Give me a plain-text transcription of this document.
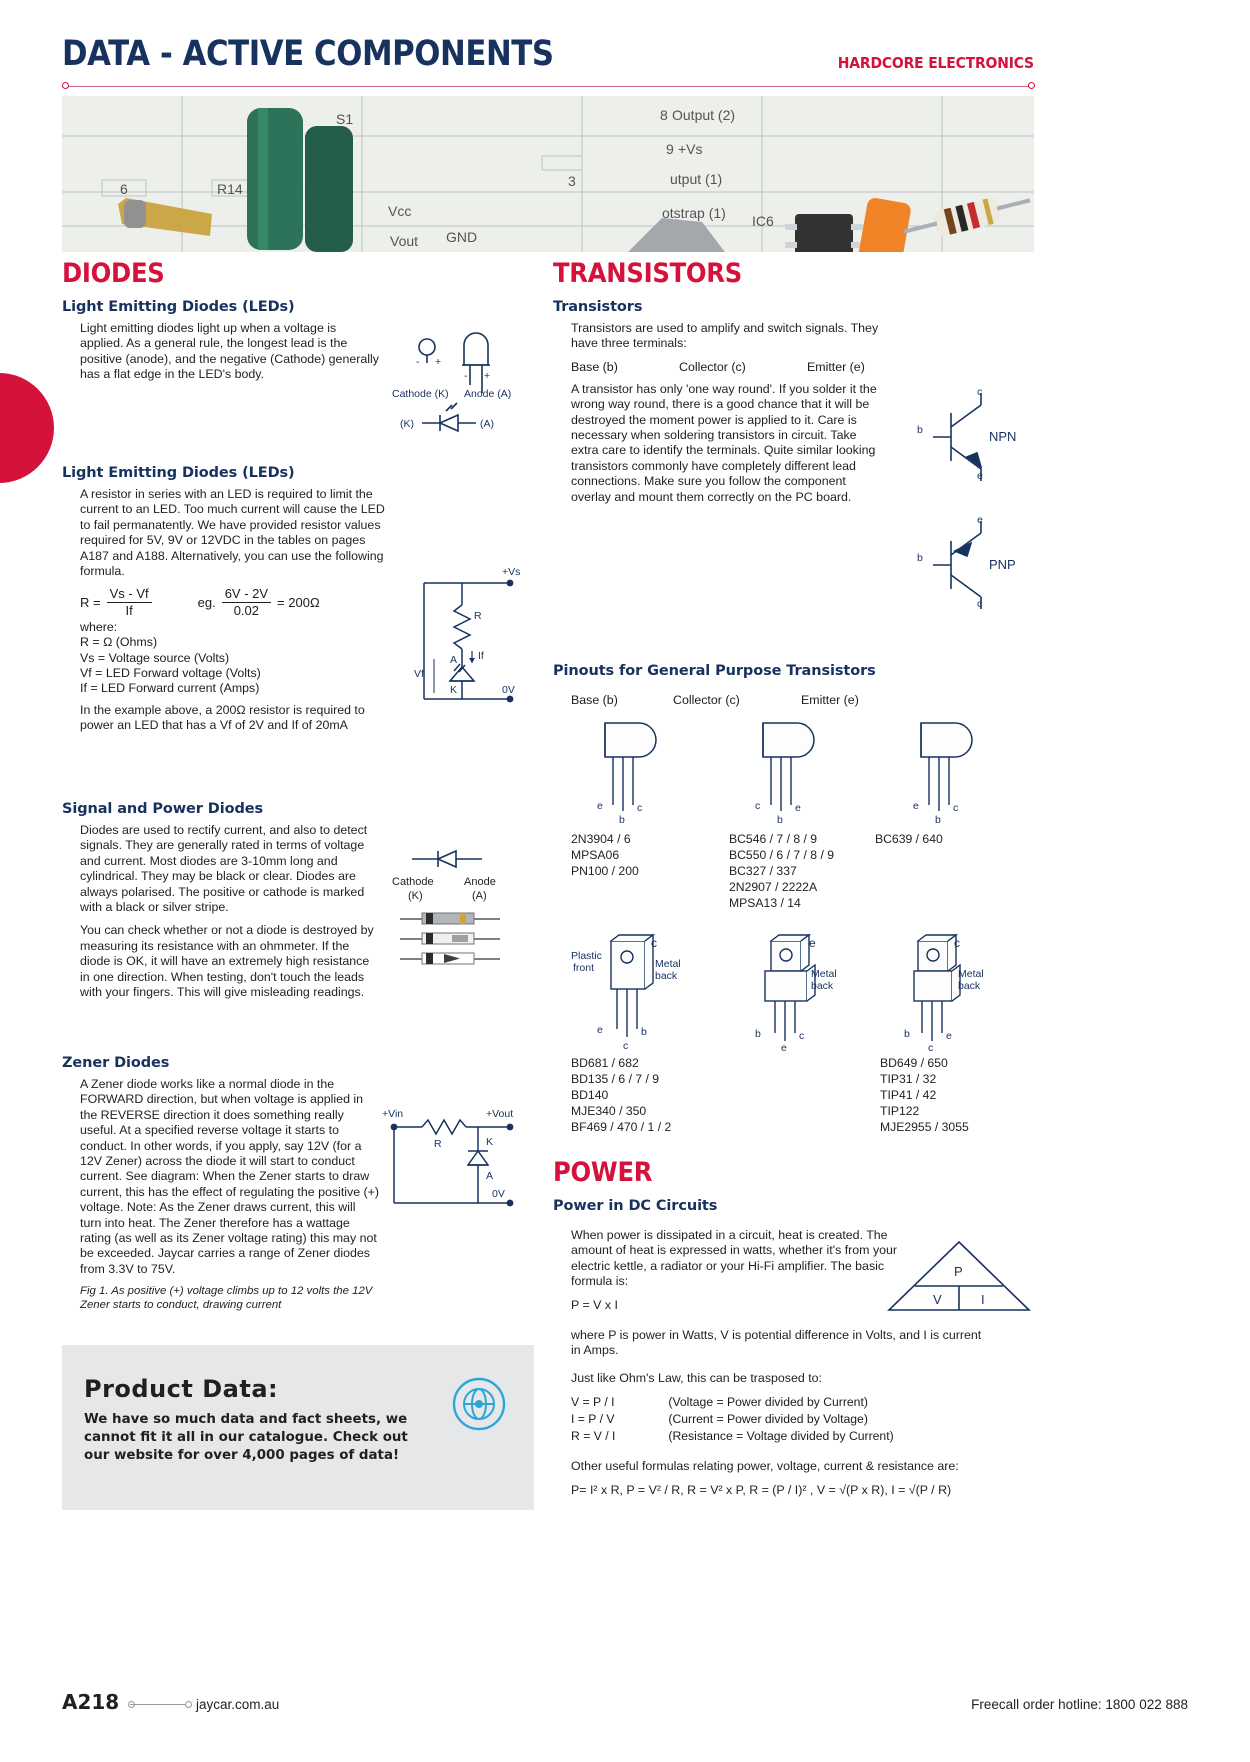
DATA - ACTIVE COMPONENTS	HARDCORE ELECTRONICS
S1
6	R14
Vcc
Vout GND
3
8
9
Output (2)
+Vs
utput (1)
otstrap (1) IC6
DIODES
Light Emitting Diodes (LEDs)

Light emitting diodes light up when a voltage is applied. As a general rule, the longest lead is the positive (anode), and the negative (Cathode) generally has a flat edge in the LED's body.

- +
- +
Cathode (K) Anode (A)
(K)	(A)
Light Emitting Diodes (LEDs)

A resistor in series with an LED is required to limit the current to an LED. Too much current will cause the LED to fail permanatently. We have provided resistor values required for 5V, 9V or 12VDC in the tables on pages A187 and A188. Alternatively, you can use the following formula.

$R = \frac{Vs - Vf}{If}$	eg. $\frac{6V - 2V}{0.02} = 200\Omega$
where:
R = Ω (Ohms)
Vs = Voltage source (Volts)
Vf = LED Forward voltage (Volts)
If = LED Forward current (Amps)

In the example above, a 200Ω resistor is required to power an LED that has a Vf of 2V and If of 20mA

+Vs
R
If
A
K
Vf
0V
Signal and Power Diodes

Diodes are used to rectify current, and also to detect signals. They are generally rated in terms of voltage and current. Most diodes are 3-10mm long and cylindrical. They may be black or clear. Diodes are always polarised. The positive or cathode is marked with a black or silver stripe.

You can check whether or not a diode is destroyed by measuring its resistance with an ohmmeter. If the diode is OK, it will have an extremely high resistance in one direction. When testing, don't touch the leads with your fingers. This will give misleading readings.

Cathode
(K)
Anode
(A)
Zener Diodes

A Zener diode works like a normal diode in the FORWARD direction, but when voltage is applied in the REVERSE direction it does something really useful. At a specified reverse voltage it starts to conduct. In other words, if you apply, say 12V (for a 12V Zener) across the diode it will start to conduct current. See diagram: When the Zener starts to draw current, this has the effect of regulating the positive (+) voltage. Note: As the Zener draws current, this will turn into heat. The Zener therefore has a wattage rating (as well as its Zener voltage rating) this may not be exceeded. Jaycar carries a range of Zener diodes from 3.3V to 75V.

Fig 1. As positive (+) voltage climbs up to 12 volts the 12V Zener starts to conduct, drawing current

+Vin	+Vout
R	K
A
0V
TRANSISTORS
Transistors

Transistors are used to amplify and switch signals. They have three terminals:

Base (b)	Collector (c)	Emitter (e)

A transistor has only 'one way round'. If you solder it the wrong way round, there is a good chance that it will be destroyed the moment power is applied to it. Care is necessary when soldering transistors in circuit. Take extra care to identify the terminals. Quite similar looking transistors commonly have completely different lead connections. Make sure you follow the component overlay and mount them correctly on the PC board.

c
b
e
NPN
e
b
c
PNP
Pinouts for General Purpose Transistors
Base (b)	Collector (c)	Emitter (e)
e
b
c
2N3904 / 6
MPSA06
PN100 / 200
c
b
e
BC546 / 7 / 8 / 9
BC550 / 6 / 7 / 8 / 9
BC327 / 337
2N2907 / 2222A
MPSA13 / 14
e
b
c
BC639 / 640
e
c
b
Plastic
front	Metal
back
c
BD681 / 682
BD135 / 6 / 7 / 9
BD140
MJE340 / 350
BF469 / 470 / 1 / 2
b
e
c
Metal
back
e
b
c
e
Metal
back
c
BD649 / 650
TIP31 / 32
TIP41 / 42
TIP122
MJE2955 / 3055
POWER
Power in DC Circuits

When power is dissipated in a circuit, heat is created. The amount of heat is expressed in watts, whether it's from your electric kettle, a radiator or your Hi-Fi amplifier. The basic formula is:

P = V x I

P
V	I

where P is power in Watts, V is potential difference in Volts, and I is current in Amps.

Just like Ohm's Law, this can be trasposed to:

V = P / I	(Voltage = Power divided by Current)
I = P / V	(Current = Power divided by Voltage)
R = V / I	(Resistance = Voltage divided by Current)

Other useful formulas relating power, voltage, current & resistance are:

P= I² x R, P = V² / R, R = V² x P, R = (P / I)² , V = √(P x R), I = √(P / R)

Product Data:
We have so much data and fact sheets, we cannot fit it all in our catalogue. Check out our website for over 4,000 pages of data!
A218	jaycar.com.au	Freecall order hotline: 1800 022 888
